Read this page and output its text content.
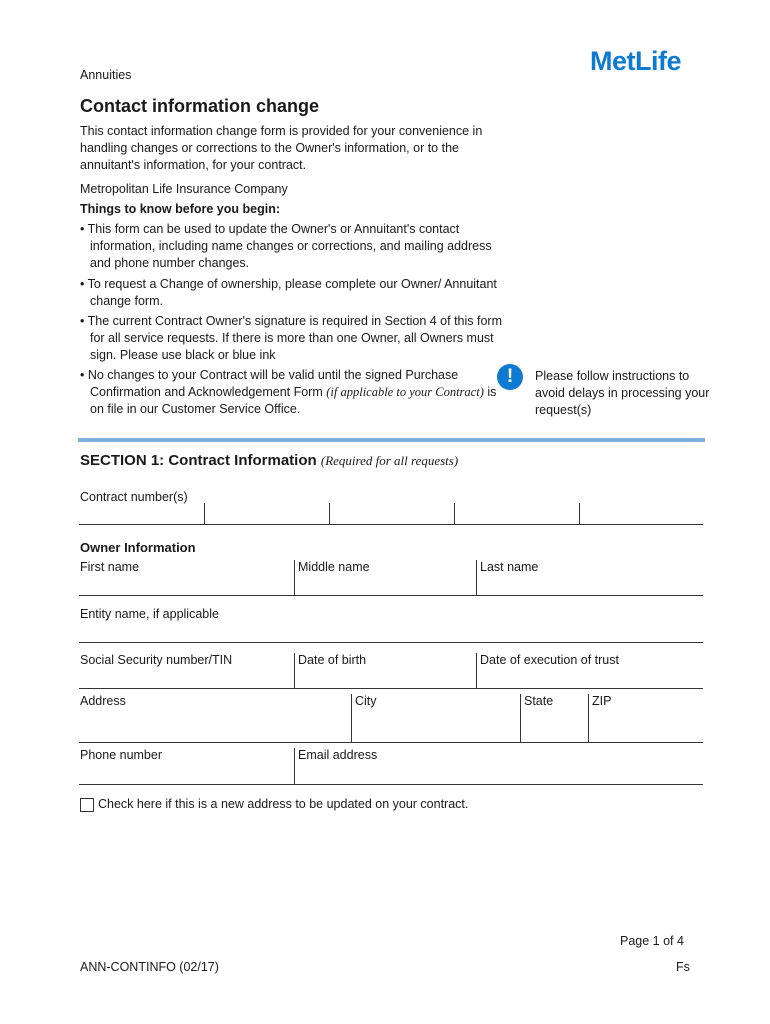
MetLife
Annuities
Contact information change
This contact information change form is provided for your convenience in handling changes or corrections to the Owner's information, or to the annuitant's information, for your contract.
Metropolitan Life Insurance Company
Things to know before you begin:
• This form can be used to update the Owner's or Annuitant's contact information, including name changes or corrections, and mailing address and phone number changes.
• To request a Change of ownership, please complete our Owner/ Annuitant change form.
• The current Contract Owner's signature is required in Section 4 of this form for all service requests. If there is more than one Owner, all Owners must sign. Please use black or blue ink
• No changes to your Contract will be valid until the signed Purchase Confirmation and Acknowledgement Form (if applicable to your Contract) is on file in our Customer Service Office.
!	Please follow instructions to avoid delays in processing your request(s)
SECTION 1: Contract Information (Required for all requests)
Contract number(s)
Owner Information
First name	Middle name	Last name
Entity name, if applicable
Social Security number/TIN	Date of birth	Date of execution of trust
Address	City	State	ZIP
Phone number	Email address
Check here if this is a new address to be updated on your contract.
Page 1 of 4
ANN-CONTINFO (02/17)	Fs
